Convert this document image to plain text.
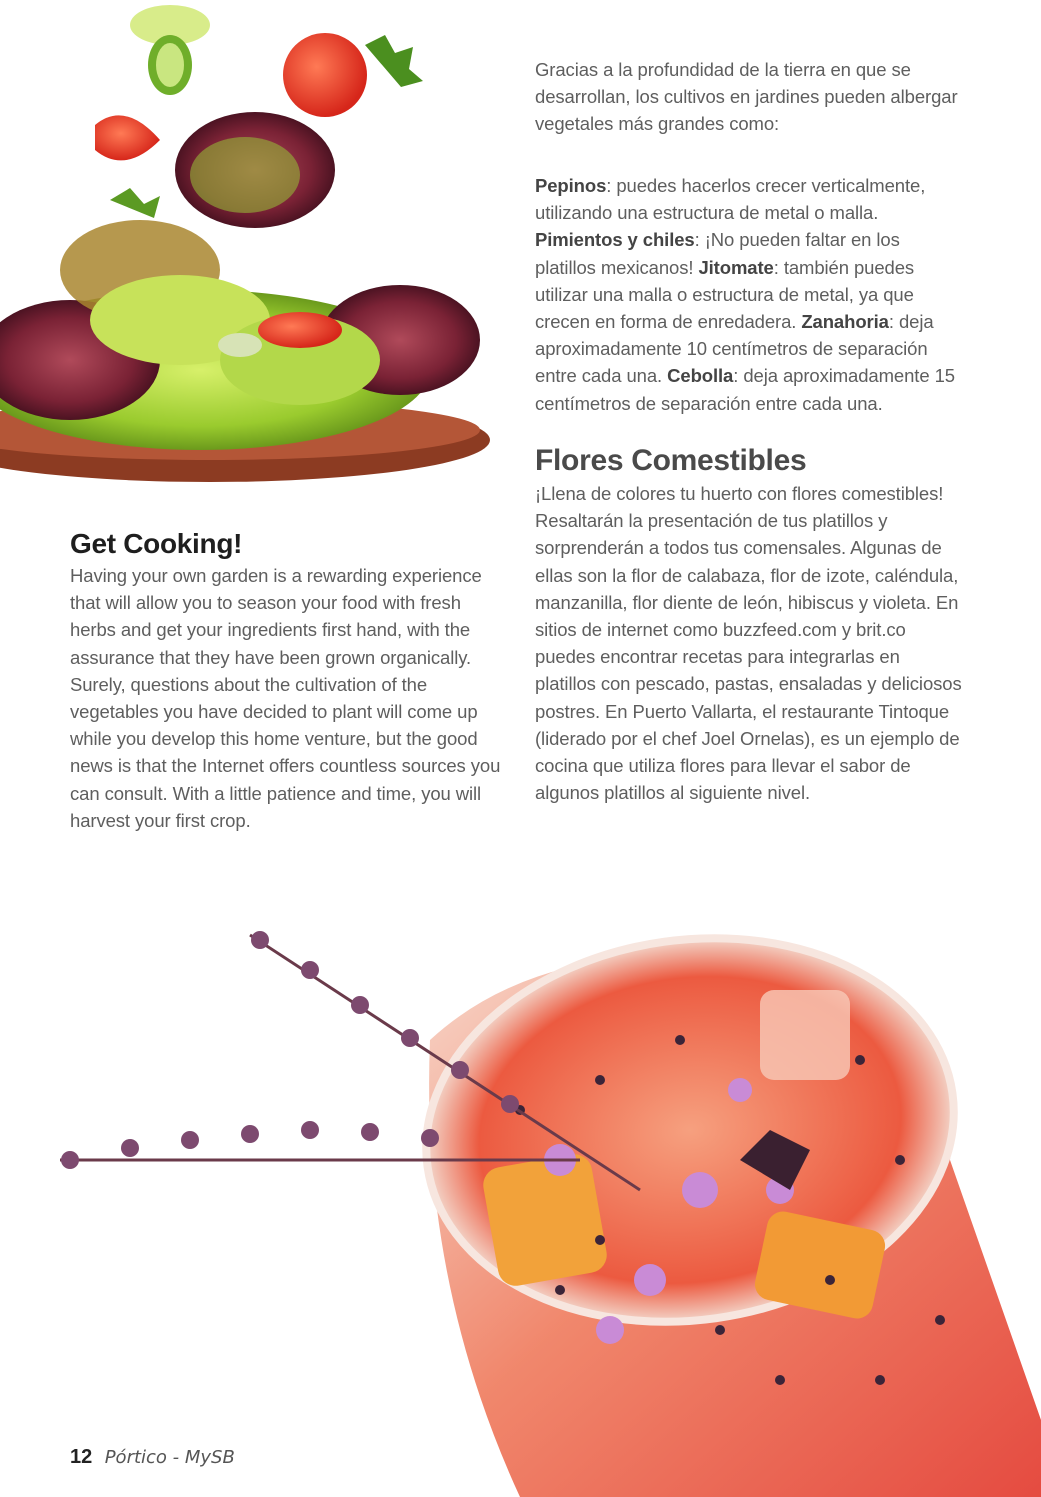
Gracias a la profundidad de la tierra en que se desarrollan, los cultivos en jardines pueden albergar vegetales más grandes como:

Pepinos: puedes hacerlos crecer verticalmente, utilizando una estructura de metal o malla. Pimientos y chiles: ¡No pueden faltar en los platillos mexicanos! Jitomate: también puedes utilizar una malla o estructura de metal, ya que crecen en forma de enredadera. Zanahoria: deja aproximadamente 10 centímetros de separación entre cada una. Cebolla: deja aproximadamente 15 centímetros de separación entre cada una.

Flores Comestibles

¡Llena de colores tu huerto con flores comestibles! Resaltarán la presentación de tus platillos y sorprenderán a todos tus comensales. Algunas de ellas son la flor de calabaza, flor de izote, caléndula, manzanilla, flor diente de león, hibiscus y violeta. En sitios de internet como buzzfeed.com y brit.co puedes encontrar recetas para integrarlas en platillos con pescado, pastas, ensaladas y deliciosos postres. En Puerto Vallarta, el restaurante Tintoque (liderado por el chef Joel Ornelas), es un ejemplo de cocina que utiliza flores para llevar el sabor de algunos platillos al siguiente nivel.

Get Cooking!

Having your own garden is a rewarding experience that will allow you to season your food with fresh herbs and get your ingredients first hand, with the assurance that they have been grown organically. Surely, questions about the cultivation of the vegetables you have decided to plant will come up while you develop this home venture, but the good news is that the Internet offers countless sources you can consult. With a little patience and time, you will harvest your first crop.

12 Pórtico - MySB
